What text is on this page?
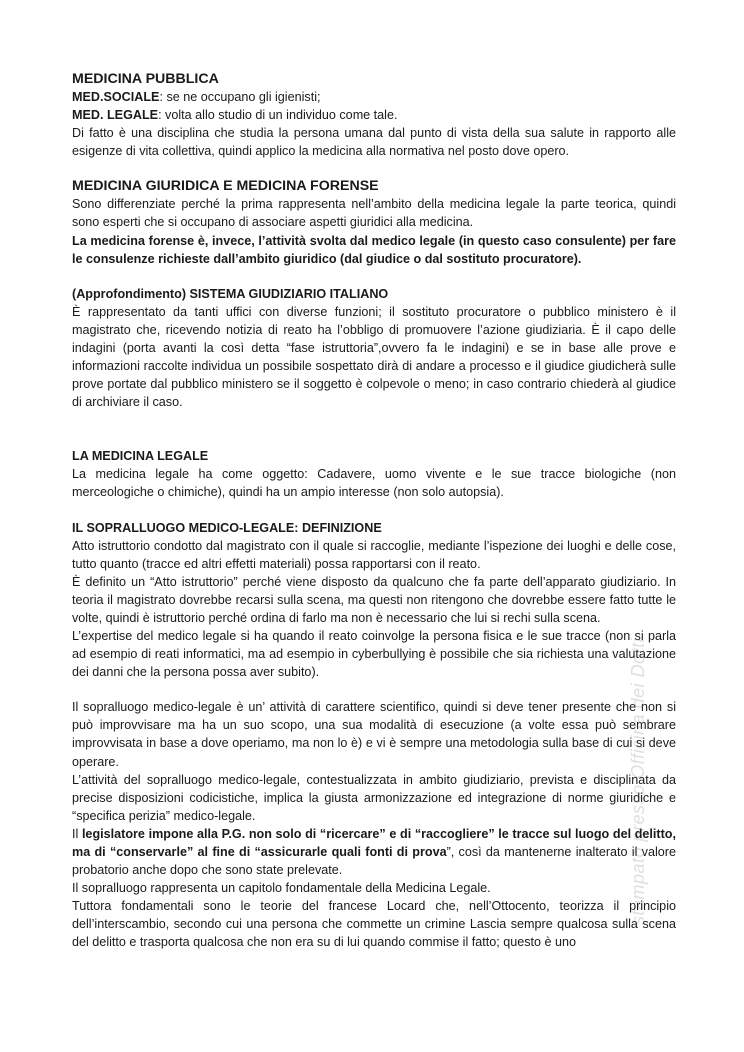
MEDICINA PUBBLICA

MED.SOCIALE: se ne occupano gli igienisti;

MED. LEGALE: volta allo studio di un individuo come tale.

Di fatto è una disciplina che studia la persona umana dal punto di vista della sua salute in rapporto alle esigenze di vita collettiva, quindi applico la medicina alla normativa nel posto dove opero.

MEDICINA GIURIDICA E MEDICINA FORENSE

Sono differenziate perché la prima rappresenta nell’ambito della medicina legale la parte teorica, quindi sono esperti che si occupano di associare aspetti giuridici alla medicina.

La medicina forense è, invece, l’attività svolta dal medico legale (in questo caso consulente) per fare le consulenze richieste dall’ambito giuridico (dal giudice o dal sostituto procuratore).

(Approfondimento) SISTEMA GIUDIZIARIO ITALIANO

È rappresentato da tanti uffici con diverse funzioni; il sostituto procuratore o pubblico ministero è il magistrato che, ricevendo notizia di reato ha l’obbligo di promuovere l’azione giudiziaria. È il capo delle indagini (porta avanti la così detta “fase istruttoria”,ovvero fa le indagini) e se in base alle prove e informazioni raccolte individua un possibile sospettato dirà di andare a processo e il giudice giudicherà sulle prove portate dal pubblico ministero se il soggetto è colpevole o meno; in caso contrario chiederà al giudice di archiviare il caso.

LA MEDICINA LEGALE

La medicina legale ha come oggetto: Cadavere, uomo vivente e le sue tracce biologiche (non merceologiche o chimiche), quindi ha un ampio interesse (non solo autopsia).

IL SOPRALLUOGO MEDICO-LEGALE: DEFINIZIONE

Atto istruttorio condotto dal magistrato con il quale si raccoglie, mediante l’ispezione dei luoghi e delle cose, tutto quanto (tracce ed altri effetti materiali) possa rapportarsi con il reato.

È definito un “Atto istruttorio” perché viene disposto da qualcuno che fa parte dell’apparato giudiziario. In teoria il magistrato dovrebbe recarsi sulla scena, ma questi non ritengono che dovrebbe essere fatto tutte le volte, quindi è istruttorio perché ordina di farlo ma non è necessario che lui si rechi sulla scena.

L’expertise del medico legale si ha quando il reato coinvolge la persona fisica e le sue tracce (non si parla ad esempio di reati informatici, ma ad esempio in cyberbullying è possibile che sia richiesta una valutazione dei danni che la persona possa aver subito).

Il sopralluogo medico-legale è un’ attività di carattere scientifico, quindi si deve tener presente che non si può improvvisare ma ha un suo scopo, una sua modalità di esecuzione (a volte essa può sembrare improvvisata in base a dove operiamo, ma non lo è) e vi è sempre una metodologia sulla base di cui si deve operare.

L’attività del sopralluogo medico-legale, contestualizzata in ambito giudiziario, prevista e disciplinata da precise disposizioni codicistiche, implica la giusta armonizzazione ed integrazione di norme giuridiche e “specifica perizia” medico-legale.

Il legislatore impone alla P.G. non solo di “ricercare” e di “raccogliere” le tracce sul luogo del delitto, ma di “conservarle” al fine di “assicurarle quali fonti di prova”, così da mantenerne inalterato il valore probatorio anche dopo che sono state prelevate.

Il sopralluogo rappresenta un capitolo fondamentale della Medicina Legale.

Tuttora fondamentali sono le teorie del francese Locard che, nell’Ottocento, teorizza il principio dell’interscambio, secondo cui una persona che commette un crimine Lascia sempre qualcosa sulla scena del delitto e trasporta qualcosa che non era su di lui quando commise il fatto; questo è uno

stampato presso Officina dei Dotti
